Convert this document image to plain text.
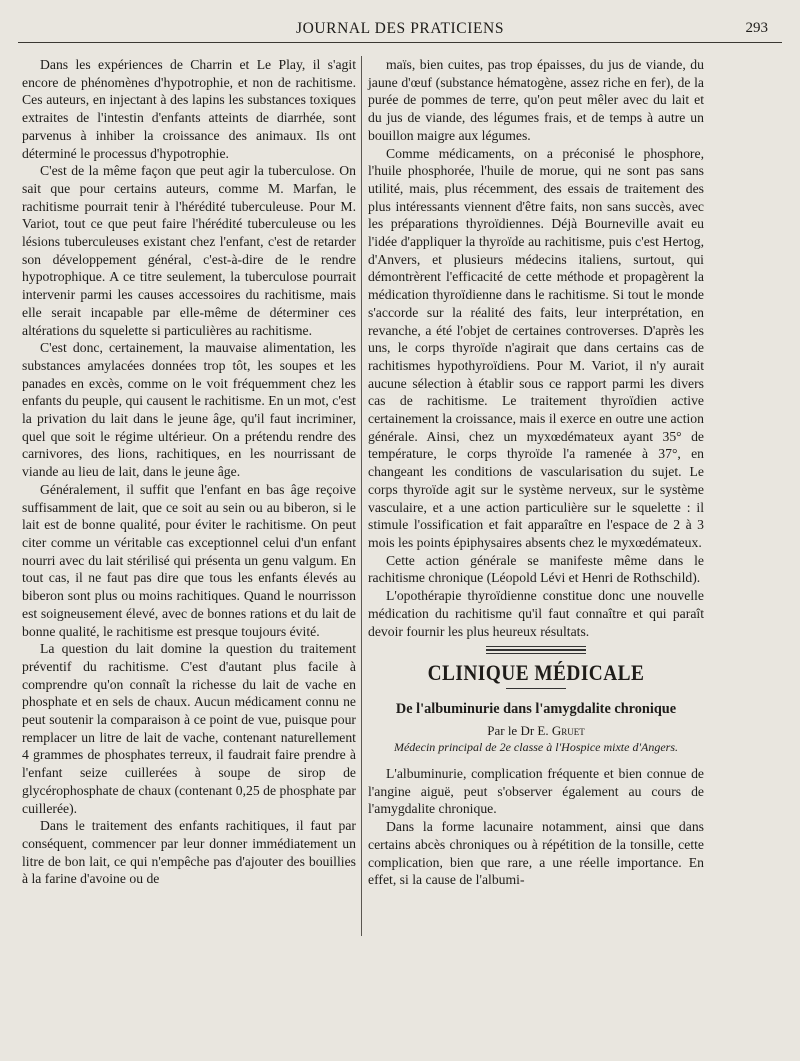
JOURNAL DES PRATICIENS	293

Dans les expériences de Charrin et Le Play, il s'agit encore de phénomènes d'hypotrophie, et non de rachitisme. Ces auteurs, en injectant à des lapins les substances toxiques extraites de l'intestin d'enfants atteints de diarrhée, sont parvenus à inhiber la croissance des animaux. Ils ont déterminé le processus d'hypotrophie.

C'est de la même façon que peut agir la tuberculose. On sait que pour certains auteurs, comme M. Marfan, le rachitisme pourrait tenir à l'hérédité tuberculeuse. Pour M. Variot, tout ce que peut faire l'hérédité tuberculeuse ou les lésions tuberculeuses existant chez l'enfant, c'est de retarder son développement général, c'est-à-dire de le rendre hypotrophique. A ce titre seulement, la tuberculose pourrait intervenir parmi les causes accessoires du rachitisme, mais elle serait incapable par elle-même de déterminer ces altérations du squelette si particulières au rachitisme.

C'est donc, certainement, la mauvaise alimentation, les substances amylacées données trop tôt, les soupes et les panades en excès, comme on le voit fréquemment chez les enfants du peuple, qui causent le rachitisme. En un mot, c'est la privation du lait dans le jeune âge, qu'il faut incriminer, quel que soit le régime ultérieur. On a prétendu rendre des carnivores, des lions, rachitiques, en les nourrissant de viande au lieu de lait, dans le jeune âge.

Généralement, il suffit que l'enfant en bas âge reçoive suffisamment de lait, que ce soit au sein ou au biberon, si le lait est de bonne qualité, pour éviter le rachitisme. On peut citer comme un véritable cas exceptionnel celui d'un enfant nourri avec du lait stérilisé qui présenta un genu valgum. En tout cas, il ne faut pas dire que tous les enfants élevés au biberon sont plus ou moins rachitiques. Quand le nourrisson est soigneusement élevé, avec de bonnes rations et du lait de bonne qualité, le rachitisme est presque toujours évité.

La question du lait domine la question du traitement préventif du rachitisme. C'est d'autant plus facile à comprendre qu'on connaît la richesse du lait de vache en phosphate et en sels de chaux. Aucun médicament connu ne peut soutenir la comparaison à ce point de vue, puisque pour remplacer un litre de lait de vache, contenant naturellement 4 grammes de phosphates terreux, il faudrait faire prendre à l'enfant seize cuillerées à soupe de sirop de glycérophosphate de chaux (contenant 0,25 de phosphate par cuillerée).

Dans le traitement des enfants rachitiques, il faut par conséquent, commencer par leur donner immédiatement un litre de bon lait, ce qui n'empêche pas d'ajouter des bouillies à la farine d'avoine ou de

maïs, bien cuites, pas trop épaisses, du jus de viande, du jaune d'œuf (substance hématogène, assez riche en fer), de la purée de pommes de terre, qu'on peut mêler avec du lait et du jus de viande, des légumes frais, et de temps à autre un bouillon maigre aux légumes.

Comme médicaments, on a préconisé le phosphore, l'huile phosphorée, l'huile de morue, qui ne sont pas sans utilité, mais, plus récemment, des essais de traitement des plus intéressants viennent d'être faits, non sans succès, avec les préparations thyroïdiennes. Déjà Bourneville avait eu l'idée d'appliquer la thyroïde au rachitisme, puis c'est Hertog, d'Anvers, et plusieurs médecins italiens, surtout, qui démontrèrent l'efficacité de cette méthode et propagèrent la médication thyroïdienne dans le rachitisme. Si tout le monde s'accorde sur la réalité des faits, leur interprétation, en revanche, a été l'objet de certaines controverses. D'après les uns, le corps thyroïde n'agirait que dans certains cas de rachitismes hypothyroïdiens. Pour M. Variot, il n'y aurait aucune sélection à établir sous ce rapport parmi les divers cas de rachitisme. Le traitement thyroïdien active certainement la croissance, mais il exerce en outre une action générale. Ainsi, chez un myxœdémateux ayant 35° de température, le corps thyroïde l'a ramenée à 37°, en changeant les conditions de vascularisation du sujet. Le corps thyroïde agit sur le système nerveux, sur le système vasculaire, et a une action particulière sur le squelette : il stimule l'ossification et fait apparaître en l'espace de 2 à 3 mois les points épiphysaires absents chez le myxœdémateux.

Cette action générale se manifeste même dans le rachitisme chronique (Léopold Lévi et Henri de Rothschild).

L'opothérapie thyroïdienne constitue donc une nouvelle médication du rachitisme qu'il faut connaître et qui paraît devoir fournir les plus heureux résultats.

CLINIQUE MÉDICALE
De l'albuminurie dans l'amygdalite chronique
Par le Dr E. Gruet
Médecin principal de 2e classe à l'Hospice mixte d'Angers.

L'albuminurie, complication fréquente et bien connue de l'angine aiguë, peut s'observer également au cours de l'amygdalite chronique.

Dans la forme lacunaire notamment, ainsi que dans certains abcès chroniques ou à répétition de la tonsille, cette complication, bien que rare, a une réelle importance. En effet, si la cause de l'albumi-
